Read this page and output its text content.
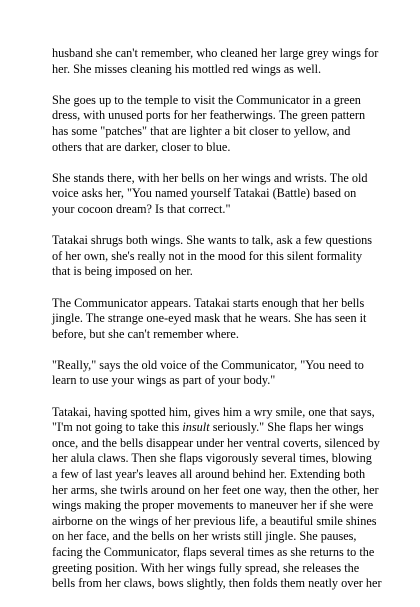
husband she can't remember, who cleaned her large grey wings for
her. She misses cleaning his mottled red wings as well.

She goes up to the temple to visit the Communicator in a green
dress, with unused ports for her featherwings. The green pattern
has some "patches" that are lighter a bit closer to yellow, and
others that are darker, closer to blue.

She stands there, with her bells on her wings and wrists. The old
voice asks her, "You named yourself Tatakai (Battle) based on
your cocoon dream? Is that correct."

Tatakai shrugs both wings. She wants to talk, ask a few questions
of her own, she's really not in the mood for this silent formality
that is being imposed on her.

The Communicator appears. Tatakai starts enough that her bells
jingle. The strange one-eyed mask that he wears. She has seen it
before, but she can't remember where.

"Really," says the old voice of the Communicator, "You need to
learn to use your wings as part of your body."

Tatakai, having spotted him, gives him a wry smile, one that says,
"I'm not going to take this insult seriously." She flaps her wings
once, and the bells disappear under her ventral coverts, silenced by
her alula claws. Then she flaps vigorously several times, blowing
a few of last year's leaves all around behind her. Extending both
her arms, she twirls around on her feet one way, then the other, her
wings making the proper movements to maneuver her if she were
airborne on the wings of her previous life, a beautiful smile shines
on her face, and the bells on her wrists still jingle. She pauses,
facing the Communicator, flaps several times as she returns to the
greeting position. With her wings fully spread, she releases the
bells from her claws, bows slightly, then folds them neatly over her
